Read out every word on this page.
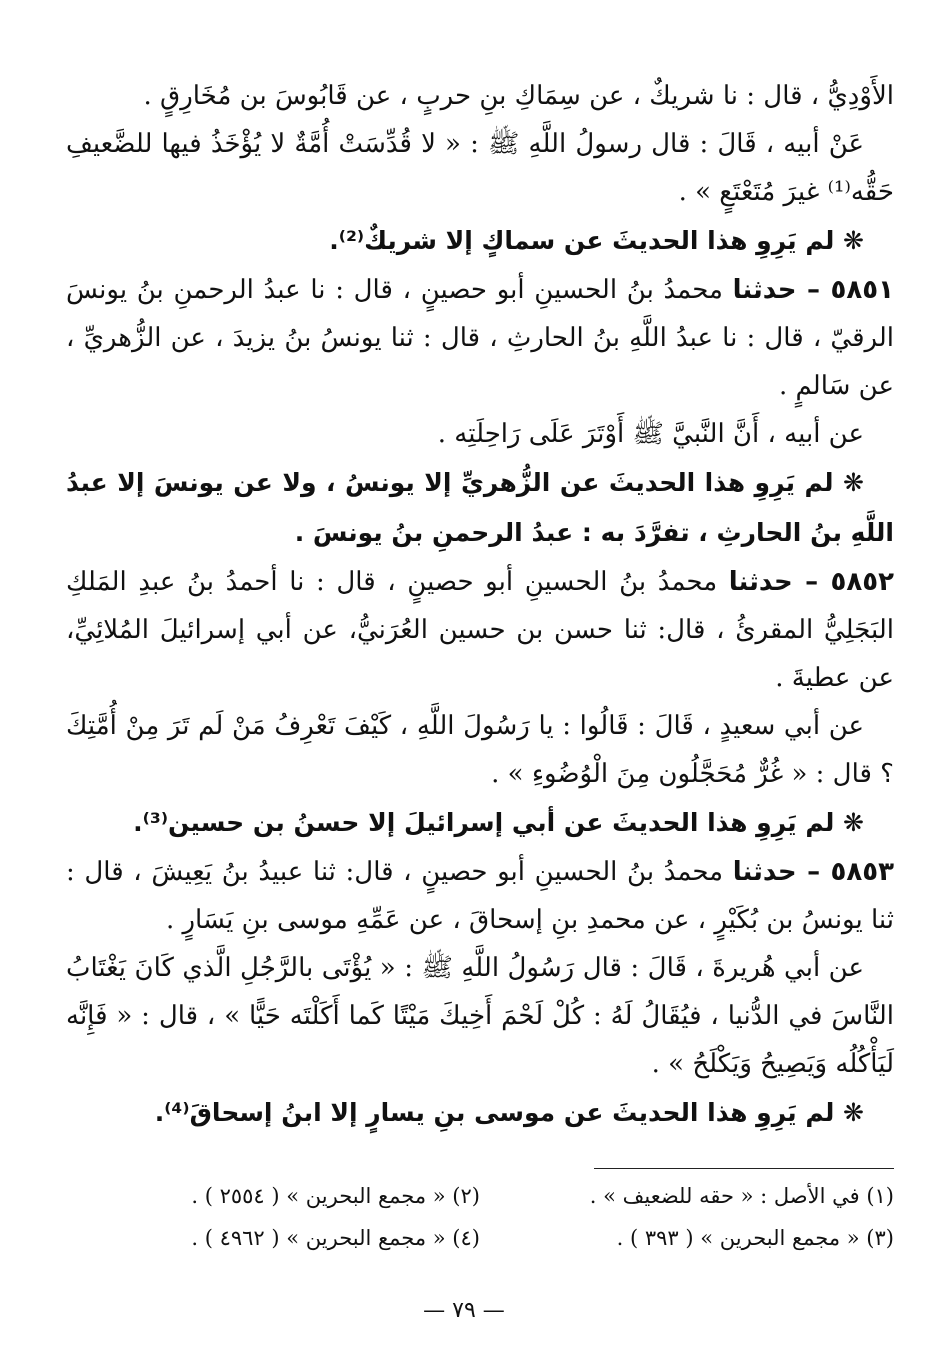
الأَوْدِيُّ ، قال : نا شريكٌ ، عن سِمَاكِ بنِ حربٍ ، عن قَابُوسَ بن مُخَارِقٍ .

عَنْ أبيه ، قَالَ : قال رسولُ اللَّهِ ﷺ : « لا قُدِّسَتْ أُمَّةٌ لا يُؤْخَذُ فيها للضَّعيفِ حَقُّه⁽¹⁾ غيرَ مُتَعْتَعٍ » .

❋ لم يَرِوِ هذا الحديثَ عن سماكٍ إلا شريكٌ⁽²⁾.

٥٨٥١ – حدثنا محمدُ بنُ الحسينِ أبو حصينٍ ، قال : نا عبدُ الرحمنِ بنُ يونسَ الرقيّ ، قال : نا عبدُ اللَّهِ بنُ الحارثِ ، قال : ثنا يونسُ بنُ يزيدَ ، عن الزُّهريِّ ، عن سَالمٍ .

عن أبيه ، أَنَّ النَّبيَّ ﷺ أَوْتَرَ عَلَى رَاحِلَتِه .

❋ لم يَرِوِ هذا الحديثَ عن الزُّهريِّ إلا يونسُ ، ولا عن يونسَ إلا عبدُ اللَّهِ بنُ الحارثِ ، تفرَّدَ به : عبدُ الرحمنِ بنُ يونسَ .

٥٨٥٢ – حدثنا محمدُ بنُ الحسينِ أبو حصينٍ ، قال : نا أحمدُ بنُ عبدِ المَلكِ البَجَلِيُّ المقرئُ ، قال: ثنا حسن بن حسين العُرَنيُّ، عن أبي إسرائيلَ المُلائِيِّ، عن عطيةَ .

عن أبي سعيدٍ ، قَالَ : قَالُوا : يا رَسُولَ اللَّهِ ، كَيْفَ تَعْرِفُ مَنْ لَم تَرَ مِنْ أُمَّتِكَ ؟ قال : « غُرٌّ مُحَجَّلُون مِنَ الْوُضُوءِ » .

❋ لم يَرِوِ هذا الحديثَ عن أبي إسرائيلَ إلا حسنُ بن حسين⁽³⁾.

٥٨٥٣ – حدثنا محمدُ بنُ الحسينِ أبو حصينٍ ، قال: ثنا عبيدُ بنُ يَعِيشَ ، قال : ثنا يونسُ بن بُكَيْرٍ ، عن محمدِ بنِ إسحاقَ ، عن عَمِّهِ موسى بنِ يَسَارٍ .

عن أبي هُريرةَ ، قَالَ : قال رَسُولُ اللَّهِ ﷺ : « يُؤْتَى بالرَّجُلِ الَّذي كَانَ يَغْتَابُ النَّاسَ في الدُّنيا ، فيُقَالُ لَهُ : كُلْ لَحْمَ أَخِيكَ مَيْتًا كَما أَكَلْتَه حَيًّا » ، قال : « فَإِنَّه لَيَأْكُلُه وَيَصِيحُ وَيَكْلَحُ » .

❋ لم يَرِوِ هذا الحديثَ عن موسى بنِ يسارٍ إلا ابنُ إسحاقَ⁽⁴⁾.

(١) في الأصل : « حقه للضعيف » .
(٢) « مجمع البحرين » ( ٢٥٥٤ ) .
(٣) « مجمع البحرين » ( ٣٩٣ ) .
(٤) « مجمع البحرين » ( ٤٩٦٢ ) .
— ٧٩ —
